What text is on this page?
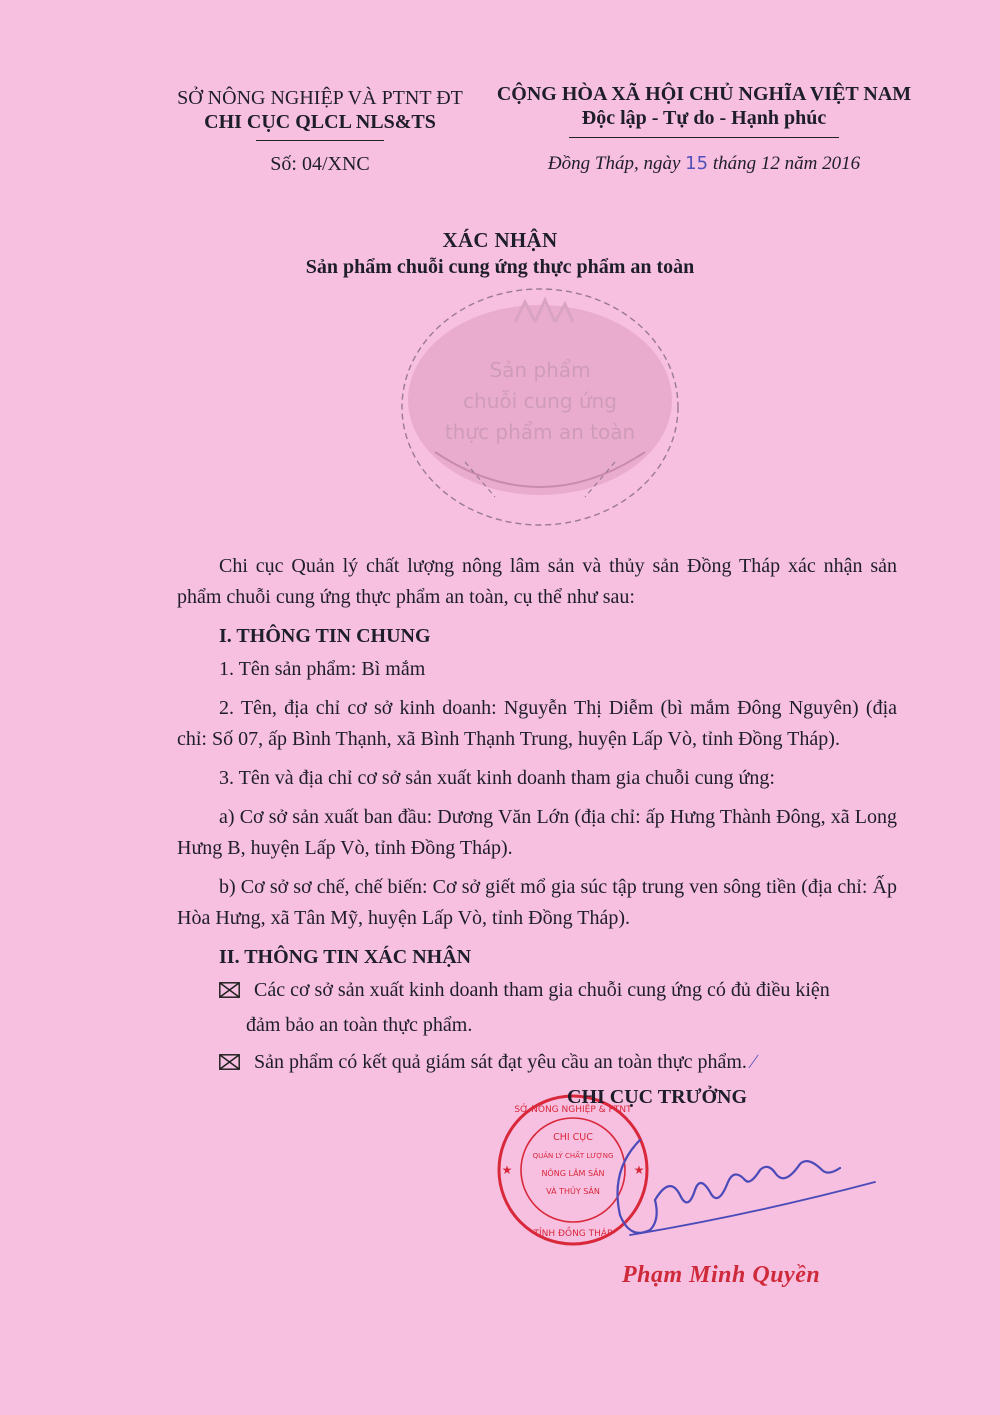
SỞ NÔNG NGHIỆP VÀ PTNT ĐT
CHI CỤC QLCL NLS&TS
CỘNG HÒA XÃ HỘI CHỦ NGHĨA VIỆT NAM
Độc lập - Tự do - Hạnh phúc
Số: 04/XNC	Đồng Tháp, ngày 15 tháng 12 năm 2016
XÁC NHẬN
Sản phẩm chuỗi cung ứng thực phẩm an toàn
Sản phẩm
chuỗi cung ứng
thực phẩm an toàn

Chi cục Quản lý chất lượng nông lâm sản và thủy sản Đồng Tháp xác nhận sản phẩm chuỗi cung ứng thực phẩm an toàn, cụ thể như sau:

I. THÔNG TIN CHUNG

1. Tên sản phẩm: Bì mắm

2. Tên, địa chỉ cơ sở kinh doanh: Nguyễn Thị Diễm (bì mắm Đông Nguyên) (địa chỉ: Số 07, ấp Bình Thạnh, xã Bình Thạnh Trung, huyện Lấp Vò, tỉnh Đồng Tháp).

3. Tên và địa chỉ cơ sở sản xuất kinh doanh tham gia chuỗi cung ứng:

a) Cơ sở sản xuất ban đầu: Dương Văn Lớn (địa chỉ: ấp Hưng Thành Đông, xã Long Hưng B, huyện Lấp Vò, tỉnh Đồng Tháp).

b) Cơ sở sơ chế, chế biến: Cơ sở giết mổ gia súc tập trung ven sông tiền (địa chỉ: Ấp Hòa Hưng, xã Tân Mỹ, huyện Lấp Vò, tỉnh Đồng Tháp).

II. THÔNG TIN XÁC NHẬN

Các cơ sở sản xuất kinh doanh tham gia chuỗi cung ứng có đủ điều kiện

đảm bảo an toàn thực phẩm.

Sản phẩm có kết quả giám sát đạt yêu cầu an toàn thực phẩm. ∕

CHI CỤC
QUẢN LÝ CHẤT LƯỢNG
NÔNG LÂM SẢN
VÀ THỦY SẢN
SỞ NÔNG NGHIỆP & PTNT
TỈNH ĐỒNG THÁP
★	★
CHI CỤC TRƯỞNG
Phạm Minh Quyền
